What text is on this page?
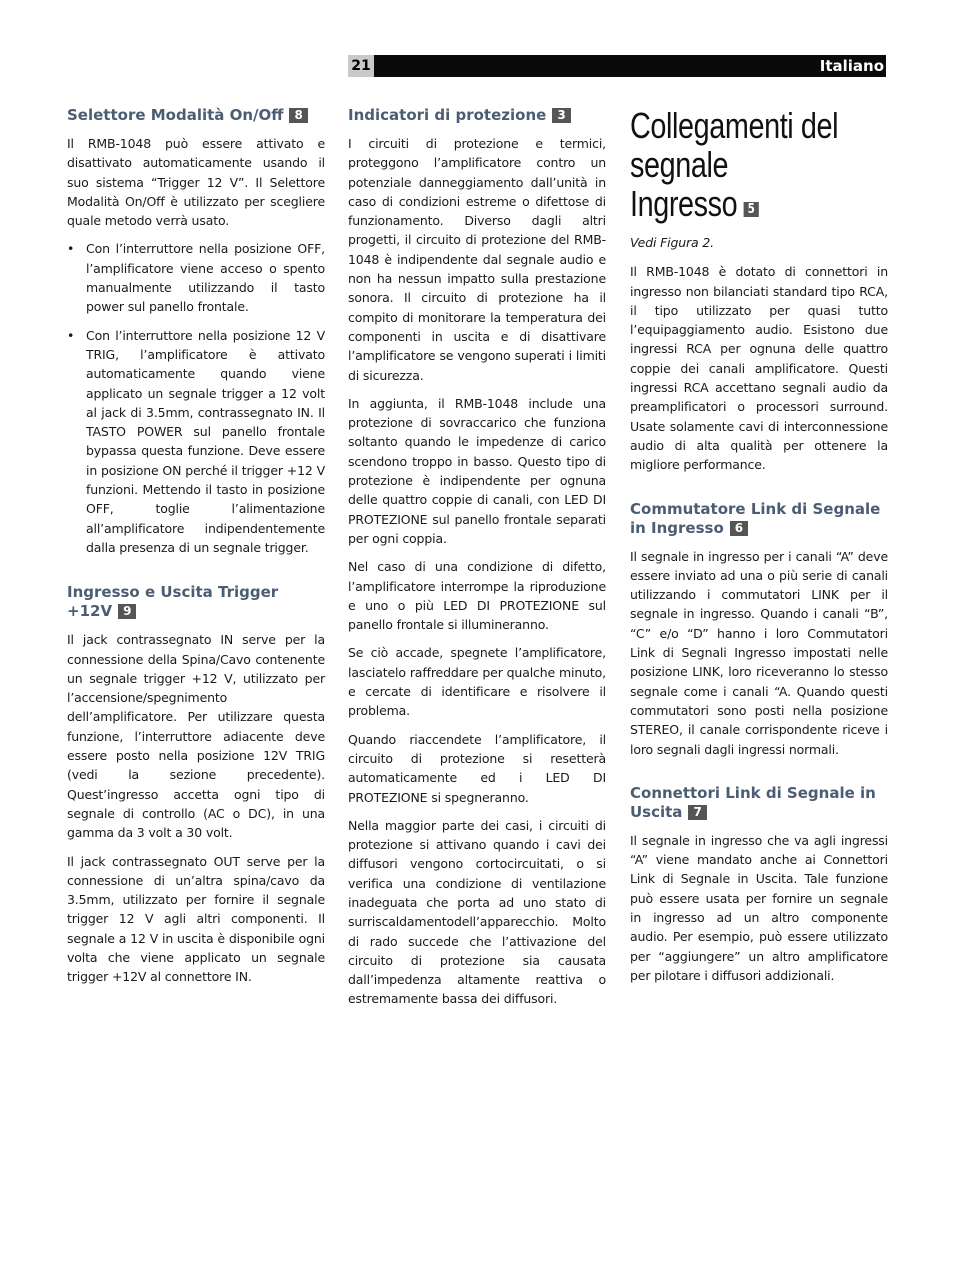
21	Italiano
Selettore Modalità On/Off 8

Il RMB-1048 può essere attivato e disattivato automaticamente usando il suo sistema “Trigger 12 V”. Il Selettore Modalità On/Off è utilizzato per scegliere quale metodo verrà usato.

• Con l’interruttore nella posizione OFF, l’amplificatore viene acceso o spento manualmente utilizzando il tasto power sul panello frontale.
• Con l’interruttore nella posizione 12 V TRIG, l’amplificatore è attivato automaticamente quando viene applicato un segnale trigger a 12 volt al jack di 3.5mm, contrassegnato IN. Il TASTO POWER sul panello frontale bypassa questa funzione. Deve essere in posizione ON perché il trigger +12 V funzioni. Mettendo il tasto in posizione OFF, toglie l’alimentazione all’amplificatore indipendentemente dalla presenza di un segnale trigger.
Ingresso e Uscita Trigger +12V 9

Il jack contrassegnato IN serve per la connessione della Spina/Cavo contenente un segnale trigger +12 V, utilizzato per l’accensione/spegnimento dell’amplificatore. Per utilizzare questa funzione, l’interruttore adiacente deve essere posto nella posizione 12V TRIG (vedi la sezione precedente). Quest’ingresso accetta ogni tipo di segnale di controllo (AC o DC), in una gamma da 3 volt a 30 volt.

Il jack contrassegnato OUT serve per la connessione di un’altra spina/cavo da 3.5mm, utilizzato per fornire il segnale trigger 12 V agli altri componenti. Il segnale a 12 V in uscita è disponibile ogni volta che viene applicato un segnale trigger +12V al connettore IN.

Indicatori di protezione 3

I circuiti di protezione e termici, proteggono l’amplificatore contro un potenziale danneggiamento dall’unità in caso di condizioni estreme o difettose di funzionamento. Diverso dagli altri progetti, il circuito di protezione del RMB-1048 è indipendente dal segnale audio e non ha nessun impatto sulla prestazione sonora. Il circuito di protezione ha il compito di monitorare la temperatura dei componenti in uscita e di disattivare l’amplificatore se vengono superati i limiti di sicurezza.

In aggiunta, il RMB-1048 include una protezione di sovraccarico che funziona soltanto quando le impedenze di carico scendono troppo in basso. Questo tipo di protezione è indipendente per ognuna delle quattro coppie di canali, con LED DI PROTEZIONE sul panello frontale separati per ogni coppia.

Nel caso di una condizione di difetto, l’amplificatore interrompe la riproduzione e uno o più LED DI PROTEZIONE sul panello frontale si illumineranno.

Se ciò accade, spegnete l’amplificatore, lasciatelo raffreddare per qualche minuto, e cercate di identificare e risolvere il problema.

Quando riaccendete l’amplificatore, il circuito di protezione si resetterà automaticamente ed i LED DI PROTEZIONE si spegneranno.

Nella maggior parte dei casi, i circuiti di protezione si attivano quando i cavi dei diffusori vengono cortocircuitati, o si verifica una condizione di ventilazione inadeguata che porta ad uno stato di surriscaldamentodell’apparecchio. Molto di rado succede che l’attivazione del circuito di protezione sia causata dall’impedenza altamente reattiva o estremamente bassa dei diffusori.

Collegamenti del segnale
Ingresso 5

Vedi Figura 2.

Il RMB-1048 è dotato di connettori in ingresso non bilanciati standard tipo RCA, il tipo utilizzato per quasi tutto l’equipaggiamento audio. Esistono due ingressi RCA per ognuna delle quattro coppie dei canali amplificatore. Questi ingressi RCA accettano segnali audio da preamplificatori o processori surround. Usate solamente cavi di interconnessione audio di alta qualità per ottenere la migliore performance.

Commutatore Link di Segnale in Ingresso 6

Il segnale in ingresso per i canali “A” deve essere inviato ad una o più serie di canali utilizzando i commutatori LINK per il segnale in ingresso. Quando i canali “B”, “C” e/o “D” hanno i loro Commutatori Link di Segnali Ingresso impostati nelle posizione LINK, loro riceveranno lo stesso segnale come i canali “A. Quando questi commutatori sono posti nella posizione STEREO, il canale corrispondente riceve i loro segnali dagli ingressi normali.

Connettori Link di Segnale in Uscita 7

Il segnale in ingresso che va agli ingressi “A” viene mandato anche ai Connettori Link di Segnale in Uscita. Tale funzione può essere usata per fornire un segnale in ingresso ad un altro componente audio. Per esempio, può essere utilizzato per “aggiungere” un altro amplificatore per pilotare i diffusori addizionali.
